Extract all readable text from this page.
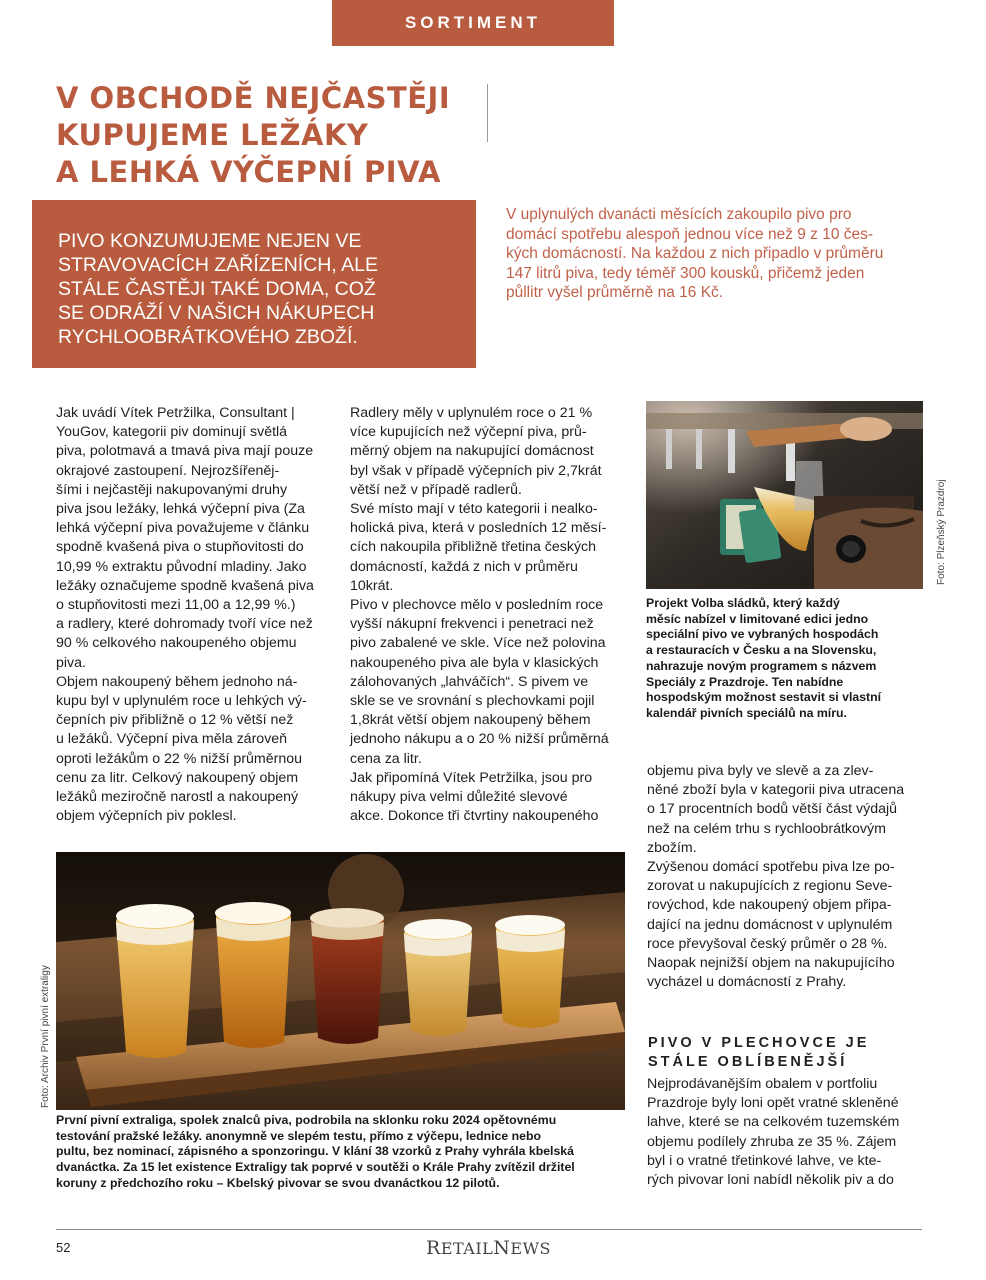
SORTIMENT
V OBCHODĚ NEJČASTĚJI
KUPUJEME LEŽÁKY
A LEHKÁ VÝČEPNÍ PIVA
PIVO KONZUMUJEME NEJEN VE
STRAVOVACÍCH ZAŘÍZENÍCH, ALE
STÁLE ČASTĚJI TAKÉ DOMA, COŽ
SE ODRÁŽÍ V NAŠICH NÁKUPECH
RYCHLOOBRÁTKOVÉHO ZBOŽÍ.
V uplynulých dvanácti měsících zakoupilo pivo pro
domácí spotřebu alespoň jednou více než 9 z 10 čes-
kých domácností. Na každou z nich připadlo v průměru
147 litrů piva, tedy téměř 300 kousků, přičemž jeden
půllitr vyšel průměrně na 16 Kč.
Jak uvádí Vítek Petržilka, Consultant |
YouGov, kategorii piv dominují světlá
piva, polotmavá a tmavá piva mají pouze
okrajové zastoupení. Nejrozšířeněj-
šími i nejčastěji nakupovanými druhy
piva jsou ležáky, lehká výčepní piva (Za
lehká výčepní piva považujeme v článku
spodně kvašená piva o stupňovitosti do
10,99 % extraktu původní mladiny. Jako
ležáky označujeme spodně kvašená piva
o stupňovitosti mezi 11,00 a 12,99 %.)
a radlery, které dohromady tvoří více než
90 % celkového nakoupeného objemu
piva.
Objem nakoupený během jednoho ná-
kupu byl v uplynulém roce u lehkých vý-
čepních piv přibližně o 12 % větší než
u ležáků. Výčepní piva měla zároveň
oproti ležákům o 22 % nižší průměrnou
cenu za litr. Celkový nakoupený objem
ležáků meziročně narostl a nakoupený
objem výčepních piv poklesl.
Radlery měly v uplynulém roce o 21 %
více kupujících než výčepní piva, prů-
měrný objem na nakupující domácnost
byl však v případě výčepních piv 2,7krát
větší než v případě radlerů.
Své místo mají v této kategorii i nealko-
holická piva, která v posledních 12 měsí-
cích nakoupila přibližně třetina českých
domácností, každá z nich v průměru
10krát.
Pivo v plechovce mělo v posledním roce
vyšší nákupní frekvenci i penetraci než
pivo zabalené ve skle. Více než polovina
nakoupeného piva ale byla v klasických
zálohovaných „lahváčích“. S pivem ve
skle se ve srovnání s plechovkami pojil
1,8krát větší objem nakoupený během
jednoho nákupu a o 20 % nižší průměrná
cena za litr.
Jak připomíná Vítek Petržilka, jsou pro
nákupy piva velmi důležité slevové
akce. Dokonce tři čtvrtiny nakoupeného
Foto: Plzeňský Prazdroj
Projekt Volba sládků, který každý
měsíc nabízel v limitované edici jedno
speciální pivo ve vybraných hospodách
a restauracích v Česku a na Slovensku,
nahrazuje novým programem s názvem
Speciály z Prazdroje. Ten nabídne
hospodským možnost sestavit si vlastní
kalendář pivních speciálů na míru.
objemu piva byly ve slevě a za zlev-
něné zboží byla v kategorii piva utracena
o 17 procentních bodů větší část výdajů
než na celém trhu s rychloobrátkovým
zbožím.
Zvýšenou domácí spotřebu piva lze po-
zorovat u nakupujících z regionu Seve-
rovýchod, kde nakoupený objem připa-
dající na jednu domácnost v uplynulém
roce převyšoval český průměr o 28 %.
Naopak nejnižší objem na nakupujícího
vycházel u domácností z Prahy.
PIVO V PLECHOVCE JE
STÁLE OBLÍBENĚJŠÍ
Nejprodávanějším obalem v portfoliu
Prazdroje byly loni opět vratné skleněné
lahve, které se na celkovém tuzemském
objemu podílely zhruba ze 35 %. Zájem
byl i o vratné třetinkové lahve, ve kte-
rých pivovar loni nabídl několik piv a do
Foto: Archiv První pivní extraligy
První pivní extraliga, spolek znalců piva, podrobila na sklonku roku 2024 opětovnému
testování pražské ležáky. anonymně ve slepém testu, přímo z výčepu, lednice nebo
pultu, bez nominací, zápisného a sponzoringu. V klání 38 vzorků z Prahy vyhrála kbelská
dvanáctka. Za 15 let existence Extraligy tak poprvé v soutěži o Krále Prahy zvítězil držitel
koruny z předchozího roku – Kbelský pivovar se svou dvanáctkou 12 pilotů.
52	RETAILNEWS
